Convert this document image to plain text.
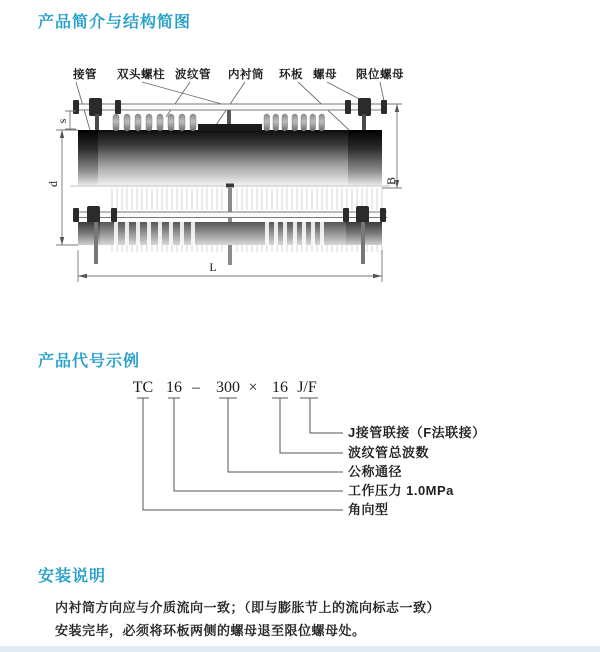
产品简介与结构简图
产品代号示例
安装说明
接管 双头螺柱 波纹管 内衬筒 环板 螺母 限位螺母
s
L
d	B
TC 16 – 300 × 16 J/F
J接管联接（F法联接）
波纹管总波数
公称通径
工作压力 1.0MPa
角向型
内衬筒方向应与介质流向一致；（即与膨胀节上的流向标志一致）
安装完毕，必须将环板两侧的螺母退至限位螺母处。
